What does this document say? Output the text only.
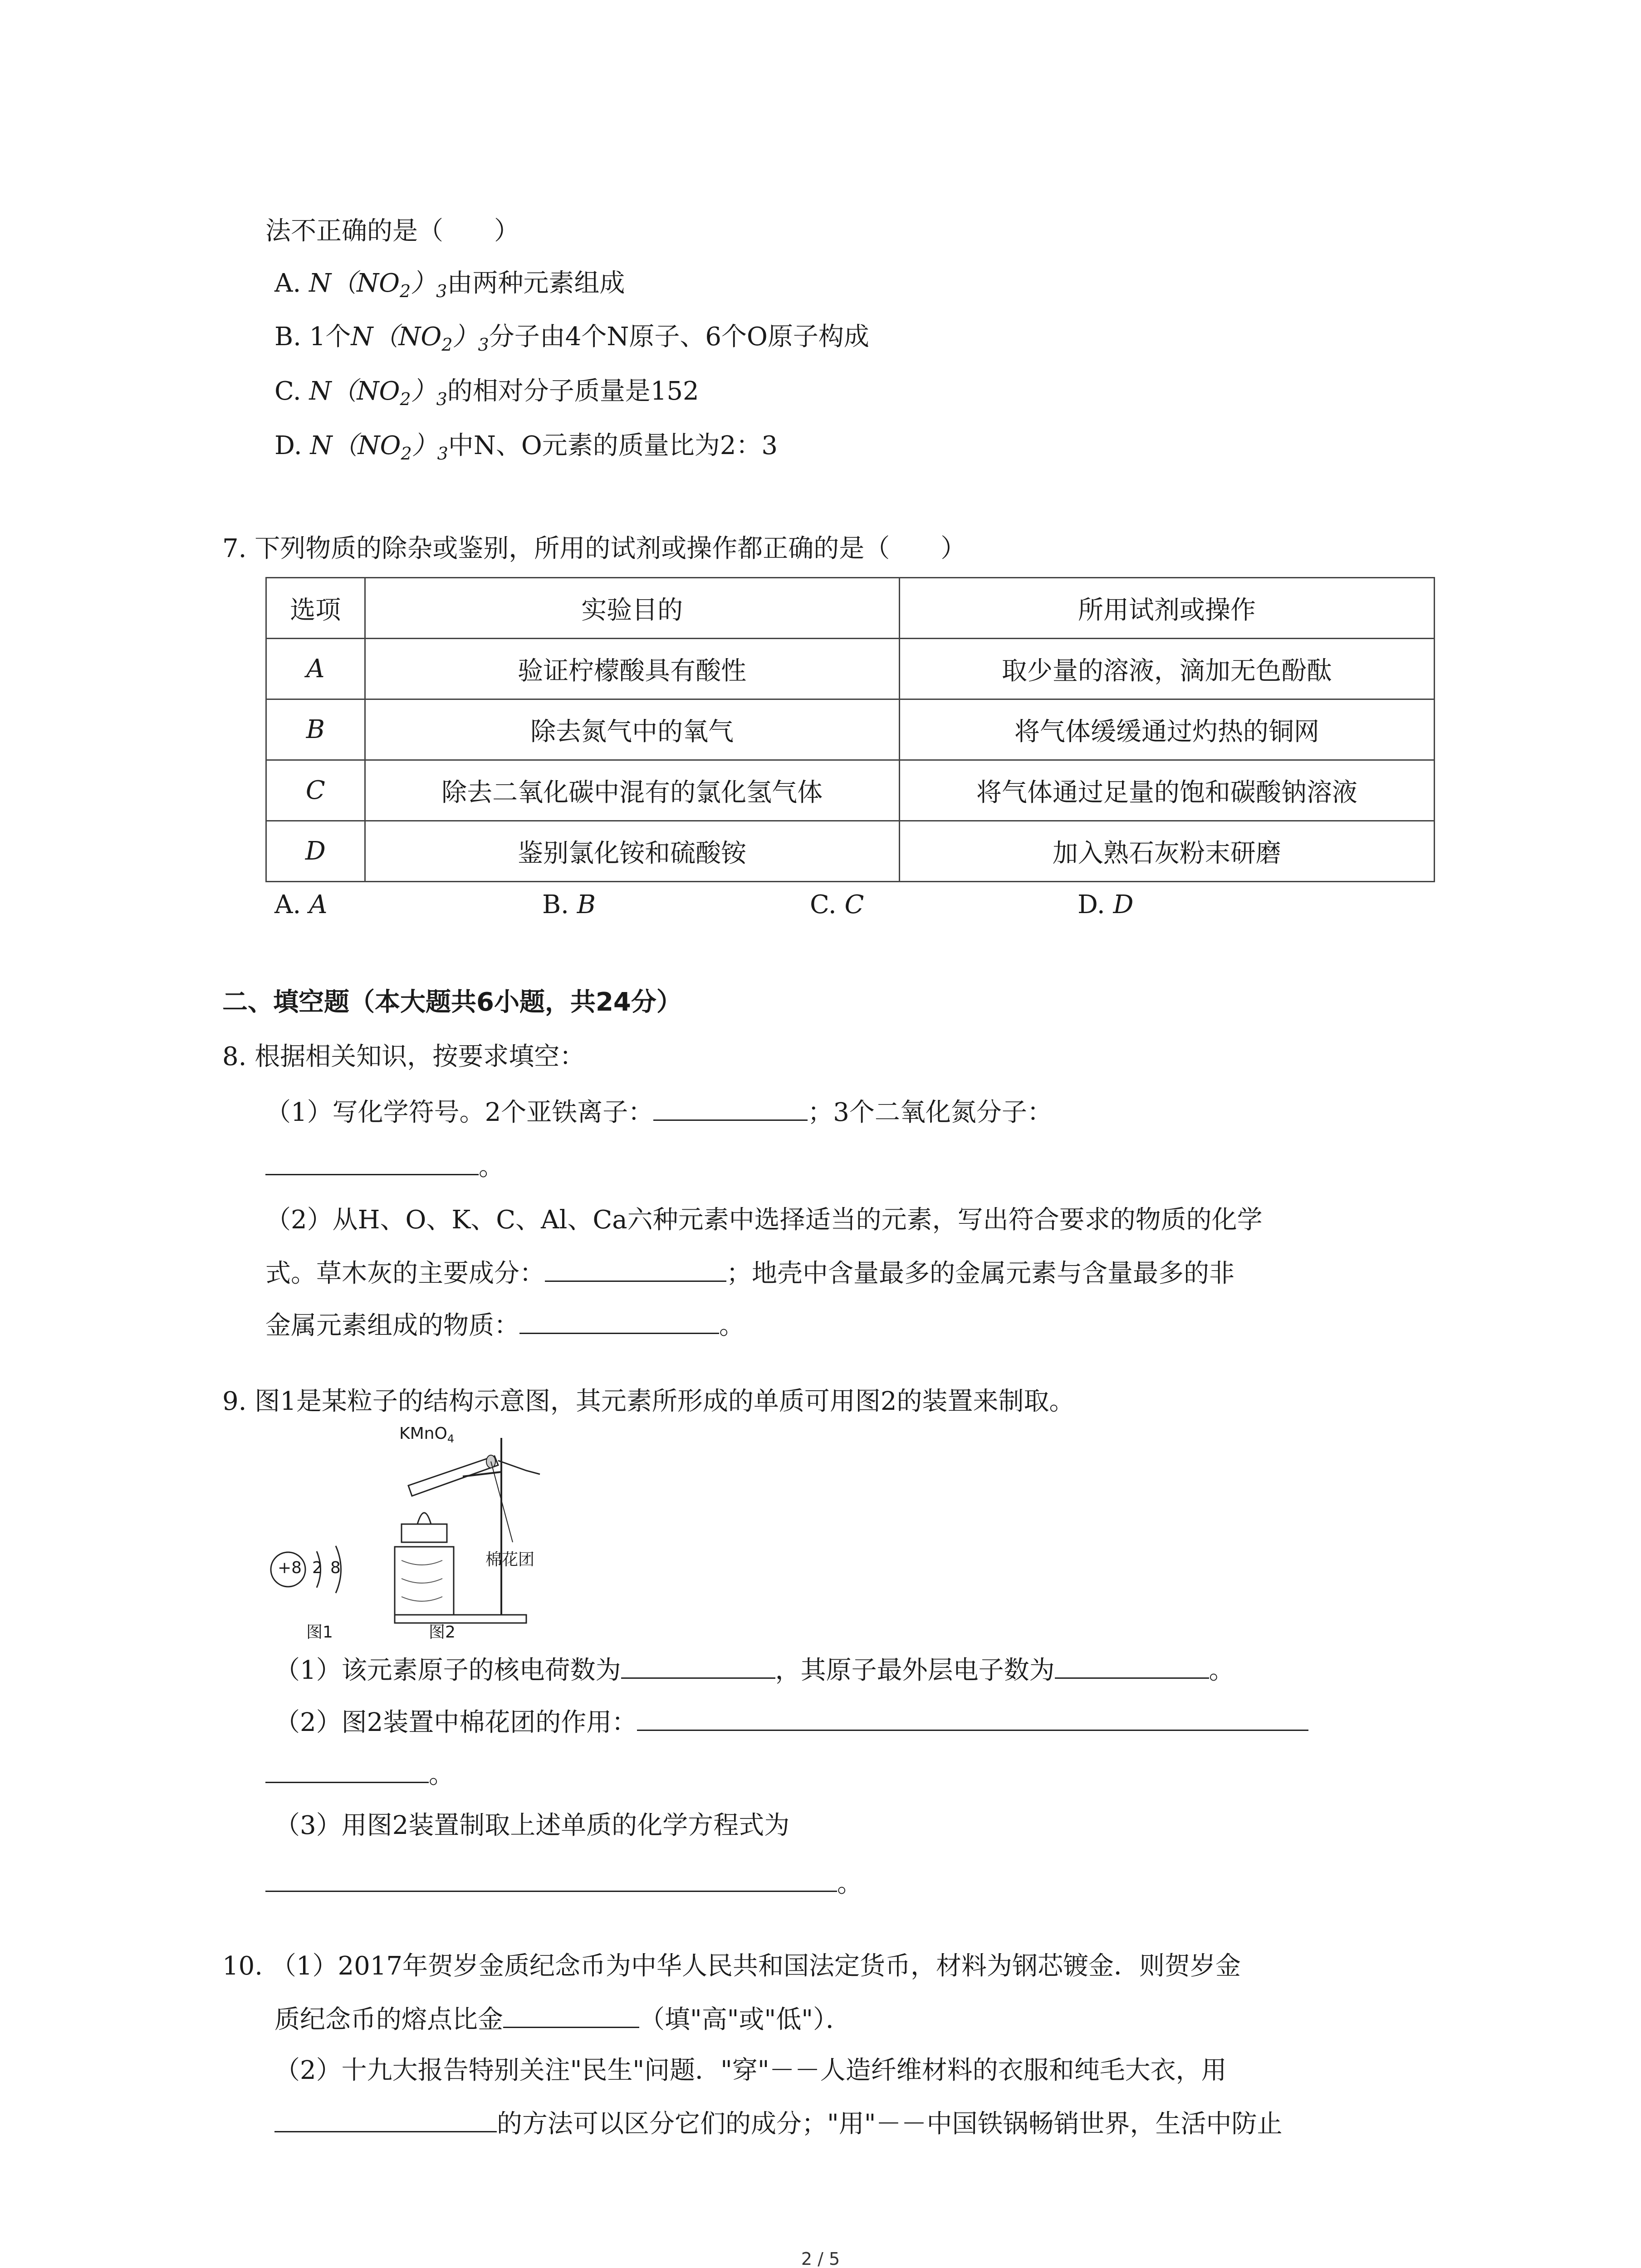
法不正确的是（　　）
A. $N(NO_2)_3$由两种元素组成
B. 1个$N(NO_2)_3$分子由4个N原子、6个O原子构成
C. $N(NO_2)_3$的相对分子质量是152
D. $N(NO_2)_3$中N、O元素的质量比为2：3
7. 下列物质的除杂或鉴别，所用的试剂或操作都正确的是（　　）
选项	实验目的	所用试剂或操作
A	验证柠檬酸具有酸性	取少量的溶液，滴加无色酚酞
B	除去氮气中的氧气	将气体缓缓通过灼热的铜网
C	除去二氧化碳中混有的氯化氢气体	将气体通过足量的饱和碳酸钠溶液
D	鉴别氯化铵和硫酸铵	加入熟石灰粉末研磨
A. A	B. B	C. C	D. D
二、填空题（本大题共6小题，共24分）
8. 根据相关知识，按要求填空：
（1）写化学符号。2个亚铁离子：	；3个二氧化氮分子：
。
（2）从H、O、K、C、Al、Ca六种元素中选择适当的元素，写出符合要求的物质的化学
式。草木灰的主要成分：	；地壳中含量最多的金属元素与含量最多的非
金属元素组成的物质：	。
9. 图1是某粒子的结构示意图，其元素所形成的单质可用图2的装置来制取。
+8 2 8
图1
KMnO$_4$
棉花团
图2
（1）该元素原子的核电荷数为	，其原子最外层电子数为	。
（2）图2装置中棉花团的作用：
。
（3）用图2装置制取上述单质的化学方程式为
。
10. （1）2017年贺岁金质纪念币为中华人民共和国法定货币，材料为钢芯镀金．则贺岁金
质纪念币的熔点比金	（填"高"或"低"）．
（2）十九大报告特别关注"民生"问题．"穿"－－人造纤维材料的衣服和纯毛大衣，用
的方法可以区分它们的成分；"用"－－中国铁锅畅销世界，生活中防止
2 / 5
